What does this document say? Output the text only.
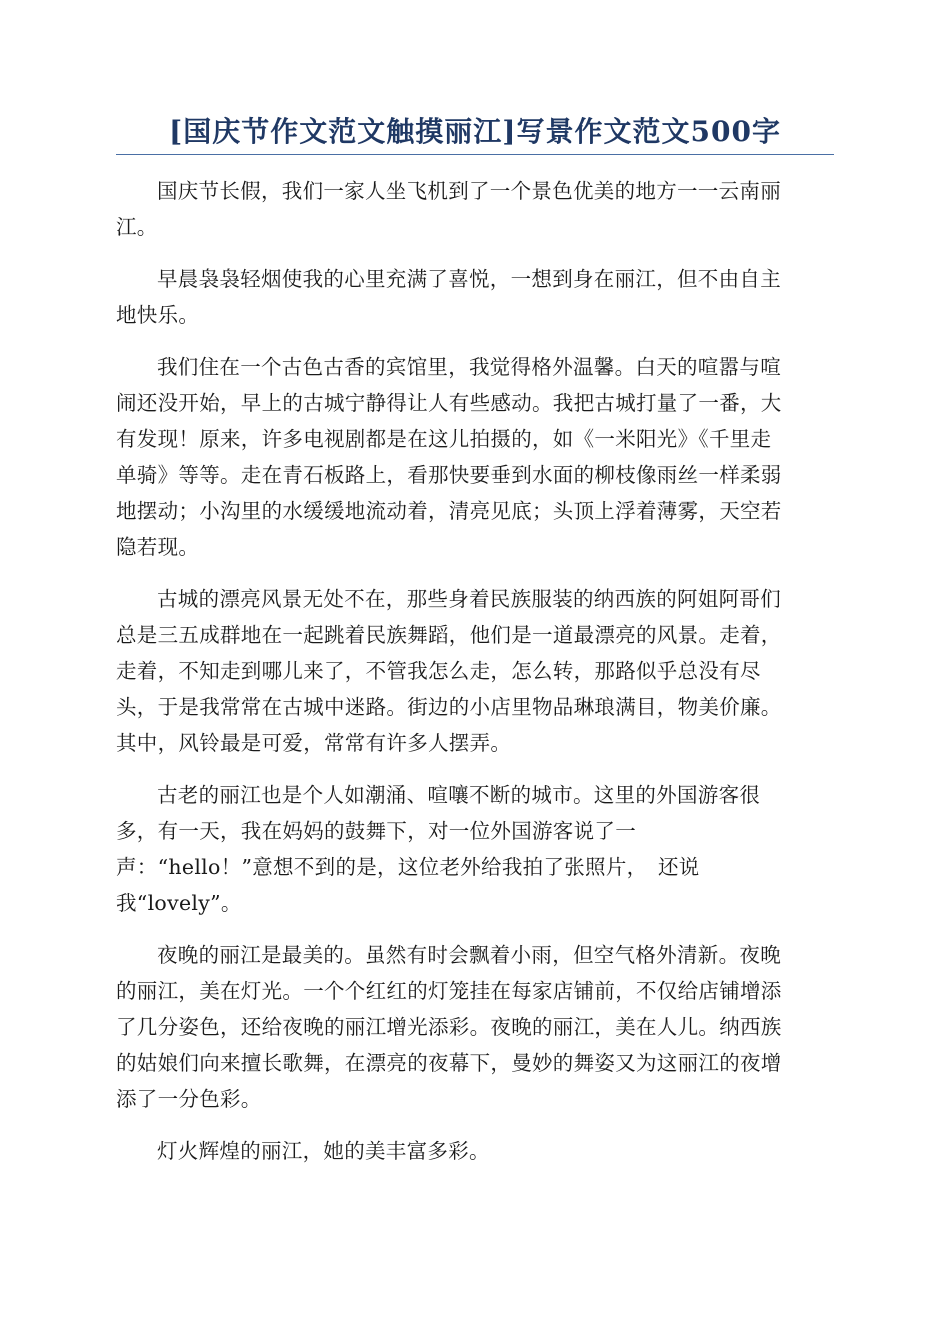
[国庆节作文范文触摸丽江]写景作文范文500字

国庆节长假，我们一家人坐飞机到了一个景色优美的地方一一云南丽
江。

早晨袅袅轻烟使我的心里充满了喜悦，一想到身在丽江，但不由自主
地快乐。

我们住在一个古色古香的宾馆里，我觉得格外温馨。白天的喧嚣与喧
闹还没开始，早上的古城宁静得让人有些感动。我把古城打量了一番，大
有发现！原来，许多电视剧都是在这儿拍摄的，如《一米阳光》《千里走
单骑》等等。走在青石板路上，看那快要垂到水面的柳枝像雨丝一样柔弱
地摆动；小沟里的水缓缓地流动着，清亮见底；头顶上浮着薄雾，天空若
隐若现。

古城的漂亮风景无处不在，那些身着民族服装的纳西族的阿姐阿哥们
总是三五成群地在一起跳着民族舞蹈，他们是一道最漂亮的风景。走着，
走着，不知走到哪儿来了，不管我怎么走，怎么转，那路似乎总没有尽
头，于是我常常在古城中迷路。街边的小店里物品琳琅满目，物美价廉。
其中，风铃最是可爱，常常有许多人摆弄。

古老的丽江也是个人如潮涌、喧嚷不断的城市。这里的外国游客很
多，有一天，我在妈妈的鼓舞下，对一位外国游客说了一
声：“hello！”意想不到的是，这位老外给我拍了张照片，　还说
我“lovely”。

夜晚的丽江是最美的。虽然有时会飘着小雨，但空气格外清新。夜晚
的丽江，美在灯光。一个个红红的灯笼挂在每家店铺前，不仅给店铺增添
了几分姿色，还给夜晚的丽江增光添彩。夜晚的丽江，美在人儿。纳西族
的姑娘们向来擅长歌舞，在漂亮的夜幕下，曼妙的舞姿又为这丽江的夜增
添了一分色彩。

灯火辉煌的丽江，她的美丰富多彩。
